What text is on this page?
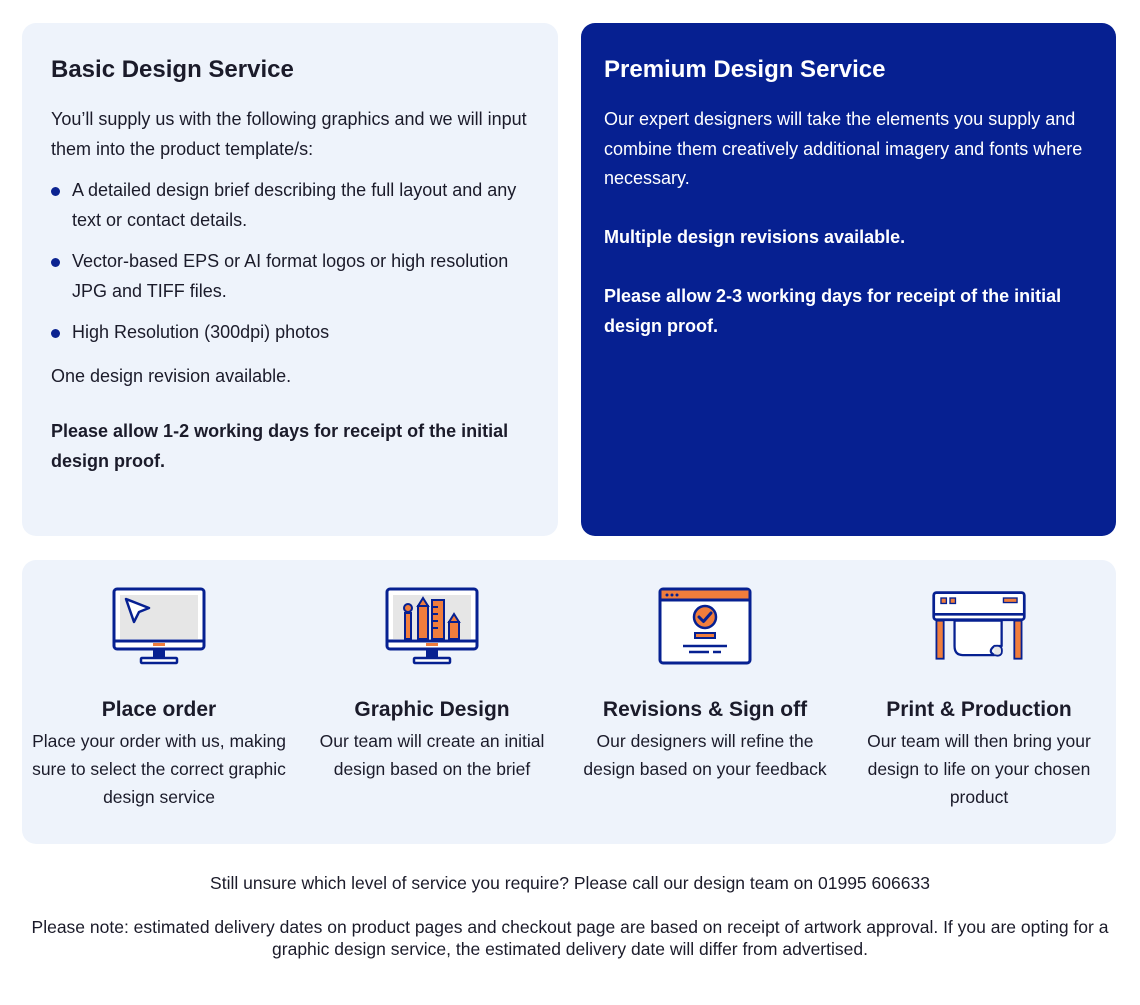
Basic Design Service

You’ll supply us with the following graphics and we will input them into the product template/s:

A detailed design brief describing the full layout and any text or contact details.
Vector-based EPS or AI format logos or high resolution JPG and TIFF files.
High Resolution (300dpi) photos

One design revision available.

Please allow 1-2 working days for receipt of the initial design proof.

Premium Design Service

Our expert designers will take the elements you supply and combine them creatively additional imagery and fonts where necessary.

Multiple design revisions available.

Please allow 2-3 working days for receipt of the initial design proof.

Place order

Place your order with us, making sure to select the correct graphic design service

Graphic Design

Our team will create an initial design based on the brief

Revisions & Sign off

Our designers will refine the design based on your feedback

Print & Production

Our team will then bring your design to life on your chosen product

Still unsure which level of service you require? Please call our design team on 01995 606633
Please note: estimated delivery dates on product pages and checkout page are based on receipt of artwork approval. If you are opting for a graphic design service, the estimated delivery date will differ from advertised.
